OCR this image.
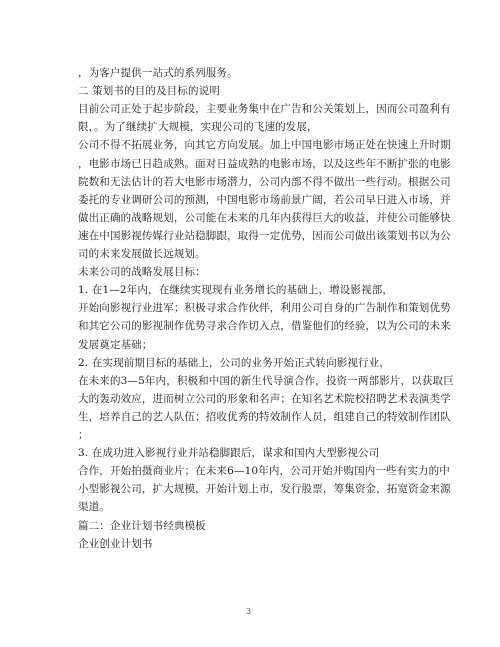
，为客户提供一站式的系列服务。
二 策划书的目的及目标的说明
目前公司正处于起步阶段，主要业务集中在广告和公关策划上，因而公司盈利有
限，。为了继续扩大规模，实现公司的飞速的发展，
公司不得不拓展业务，向其它方向发展。加上中国电影市场正处在快速上升时期
，电影市场已日趋成熟。面对日益成熟的电影市场，以及这些年不断扩张的电影
院数和无法估计的若大电影市场潜力，公司内部不得不做出一些行动。根据公司
委托的专业调研公司的预测，中国电影市场前景广阔，若公司早日进入市场，并
做出正确的战略规划，公司能在未来的几年内获得巨大的收益，并使公司能够快
速在中国影视传媒行业站稳脚跟，取得一定优势，因而公司做出该策划书以为公
司的未来发展做长远规划。
未来公司的战略发展目标：
1. 在1—2年内，在继续实现现有业务增长的基础上，增设影视部，
开始向影视行业进军；积极寻求合作伙伴，利用公司自身的广告制作和策划优势
和其它公司的影视制作优势寻求合作切入点，借鉴他们的经验，以为公司的未来
发展奠定基础；
2. 在实现前期目标的基础上，公司的业务开始正式转向影视行业，
在未来的3—5年内，积极和中国的新生代导演合作，投资一两部影片，以获取巨
大的轰动效应，进而树立公司的形象和名声；在知名艺术院校招聘艺术表演类学
生，培养自己的艺人队伍；招收优秀的特效制作人员，组建自己的特效制作团队
；
3. 在成功进入影视行业并站稳脚跟后，谋求和国内大型影视公司
合作，开始拍摄商业片；在未来6—10年内，公司开始并购国内一些有实力的中
小型影视公司，扩大规模，开始计划上市，发行股票，筹集资金，拓宽资金来源
渠道。
篇二：企业计划书经典模板
企业创业计划书
3
